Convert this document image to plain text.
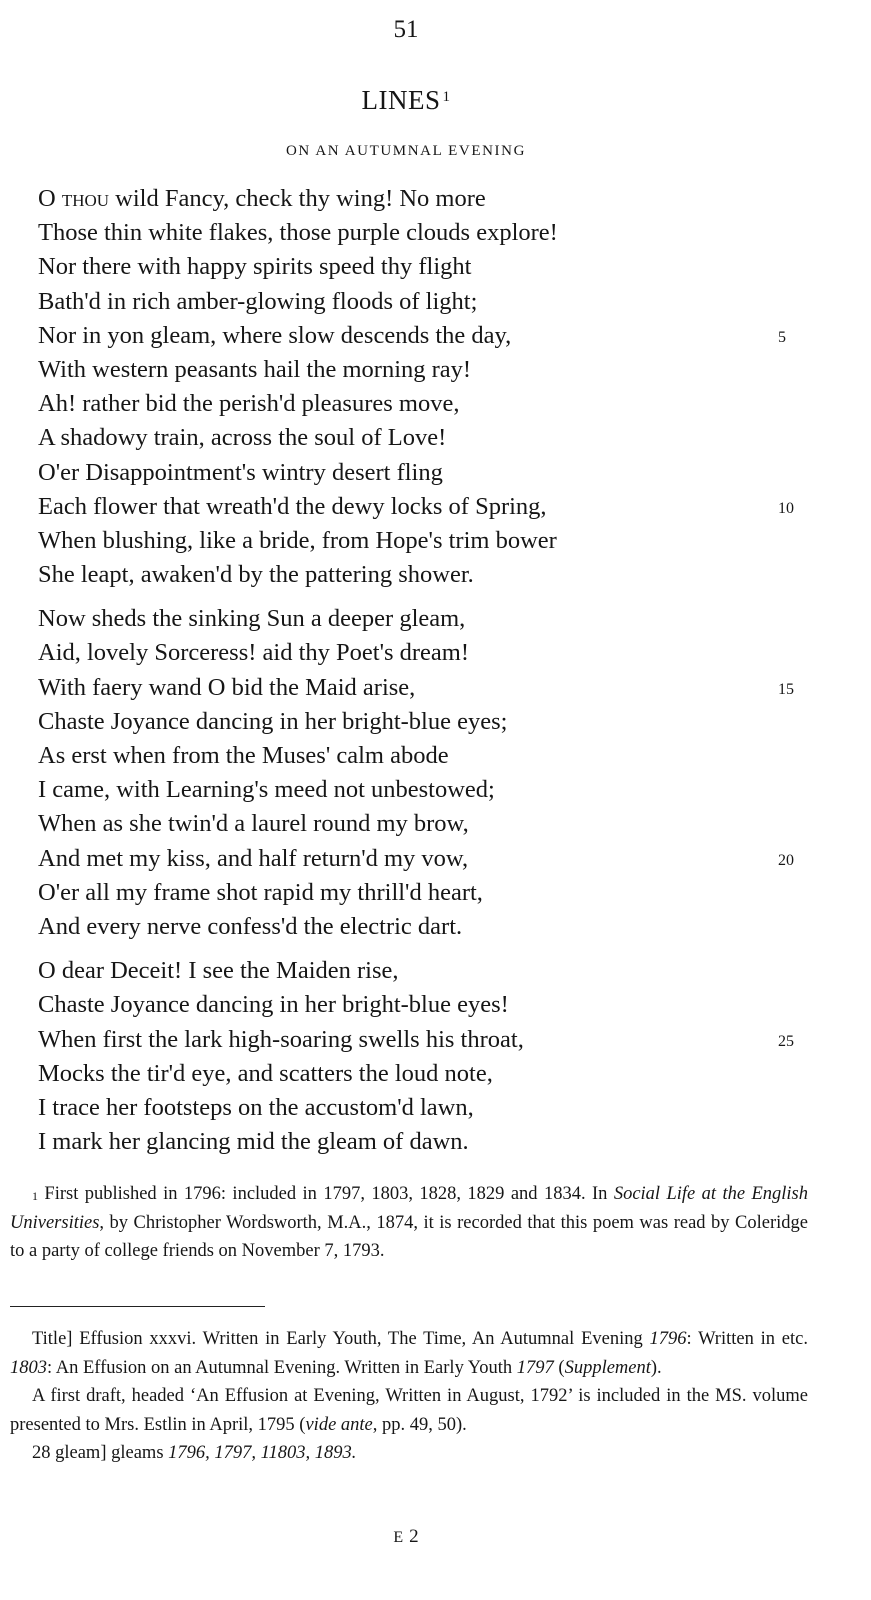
51
LINES $^1$
ON AN AUTUMNAL EVENING
O thou wild Fancy, check thy wing! No more
Those thin white flakes, those purple clouds explore!
Nor there with happy spirits speed thy flight
Bath'd in rich amber-glowing floods of light;
Nor in yon gleam, where slow descends the day,	5
With western peasants hail the morning ray!
Ah! rather bid the perish'd pleasures move,
A shadowy train, across the soul of Love!
O'er Disappointment's wintry desert fling
Each flower that wreath'd the dewy locks of Spring,	10
When blushing, like a bride, from Hope's trim bower
She leapt, awaken'd by the pattering shower.
Now sheds the sinking Sun a deeper gleam,
Aid, lovely Sorceress! aid thy Poet's dream!
With faery wand O bid the Maid arise,	15
Chaste Joyance dancing in her bright-blue eyes;
As erst when from the Muses' calm abode
I came, with Learning's meed not unbestowed;
When as she twin'd a laurel round my brow,
And met my kiss, and half return'd my vow,	20
O'er all my frame shot rapid my thrill'd heart,
And every nerve confess'd the electric dart.
O dear Deceit! I see the Maiden rise,
Chaste Joyance dancing in her bright-blue eyes!
When first the lark high-soaring swells his throat,	25
Mocks the tir'd eye, and scatters the loud note,
I trace her footsteps on the accustom'd lawn,
I mark her glancing mid the gleam of dawn.

$^1$ First published in 1796: included in 1797, 1803, 1828, 1829 and 1834. In Social Life at the English Universities, by Christopher Wordsworth, M.A., 1874, it is recorded that this poem was read by Coleridge to a party of college friends on November 7, 1793.

Title] Effusion xxxvi. Written in Early Youth, The Time, An Autumnal Evening 1796: Written in etc. 1803: An Effusion on an Autumnal Evening. Written in Early Youth 1797 (Supplement).

A first draft, headed ‘An Effusion at Evening, Written in August, 1792’ is included in the MS. volume presented to Mrs. Estlin in April, 1795 (vide ante, pp. 49, 50).

28 gleam] gleams 1796, 1797, 11803, 1893.

E 2
